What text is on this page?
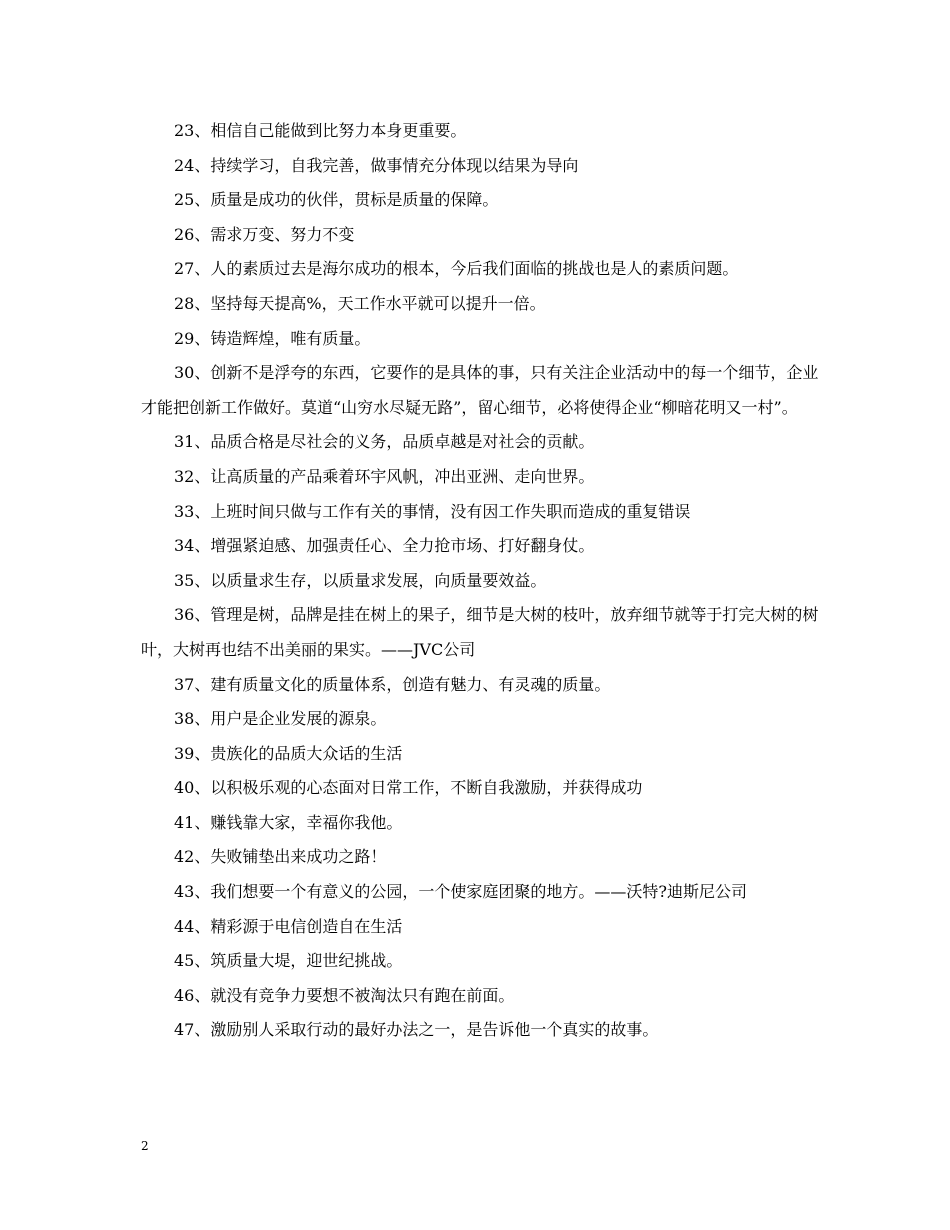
23、相信自己能做到比努力本身更重要。

24、持续学习，自我完善，做事情充分体现以结果为导向

25、质量是成功的伙伴，贯标是质量的保障。

26、需求万变、努力不变

27、人的素质过去是海尔成功的根本，今后我们面临的挑战也是人的素质问题。

28、坚持每天提高%，天工作水平就可以提升一倍。

29、铸造辉煌，唯有质量。

30、创新不是浮夸的东西，它要作的是具体的事，只有关注企业活动中的每一个细节，企业才能把创新工作做好。莫道“山穷水尽疑无路”，留心细节，必将使得企业“柳暗花明又一村”。

31、品质合格是尽社会的义务，品质卓越是对社会的贡献。

32、让高质量的产品乘着环宇风帆，冲出亚洲、走向世界。

33、上班时间只做与工作有关的事情，没有因工作失职而造成的重复错误

34、增强紧迫感、加强责任心、全力抢市场、打好翻身仗。

35、以质量求生存，以质量求发展，向质量要效益。

36、管理是树，品牌是挂在树上的果子，细节是大树的枝叶，放弃细节就等于打完大树的树叶，大树再也结不出美丽的果实。——JVC公司

37、建有质量文化的质量体系，创造有魅力、有灵魂的质量。

38、用户是企业发展的源泉。

39、贵族化的品质大众话的生活

40、以积极乐观的心态面对日常工作，不断自我激励，并获得成功

41、赚钱靠大家，幸福你我他。

42、失败铺垫出来成功之路！

43、我们想要一个有意义的公园，一个使家庭团聚的地方。——沃特?迪斯尼公司

44、精彩源于电信创造自在生活

45、筑质量大堤，迎世纪挑战。

46、就没有竞争力要想不被淘汰只有跑在前面。

47、激励别人采取行动的最好办法之一，是告诉他一个真实的故事。

2
